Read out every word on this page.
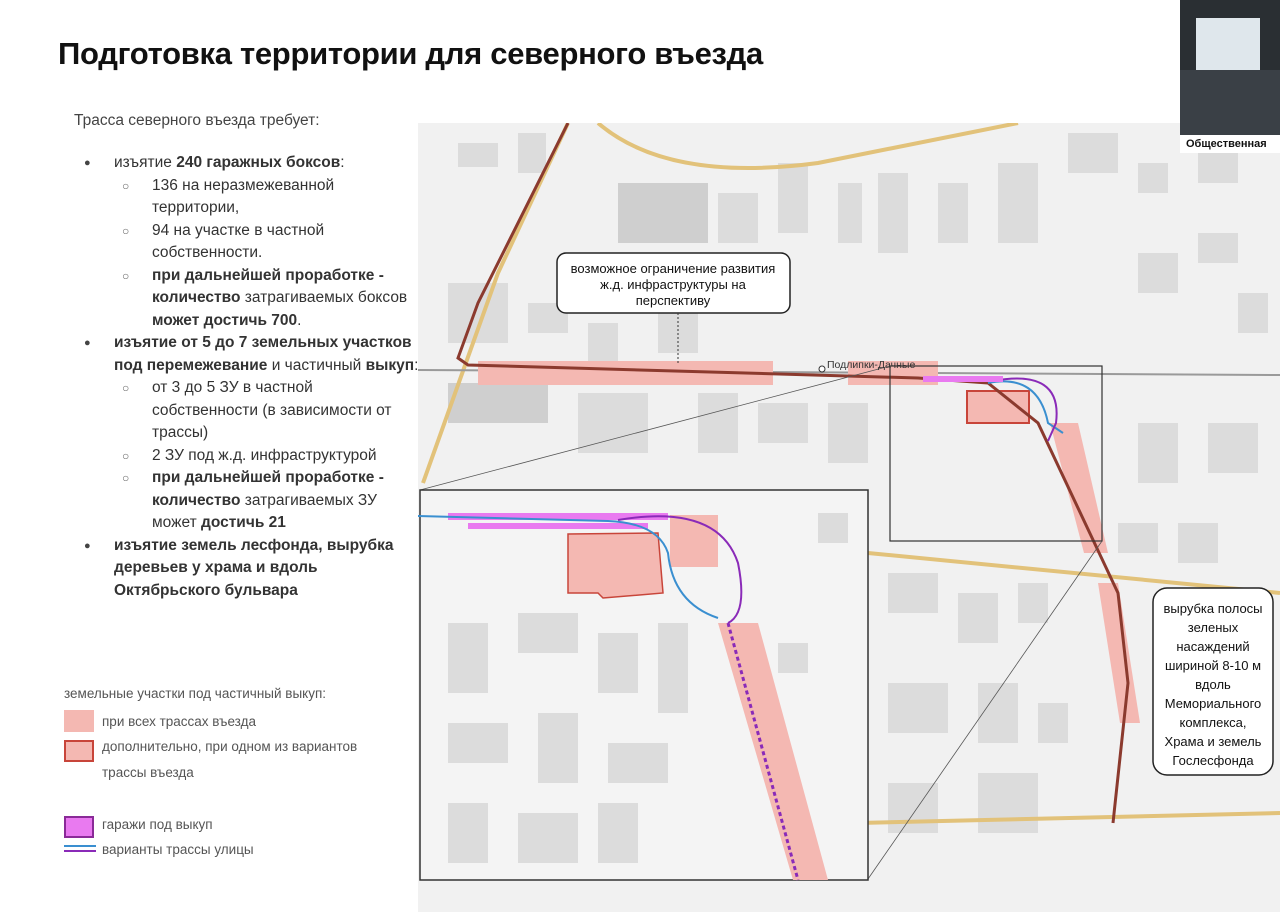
Подготовка территории для северного въезда
Трасса северного въезда требует:
● изъятие 240 гаражных боксов:
○ 136 на неразмежеванной территории,
○ 94 на участке в частной собственности.
○ при дальнейшей проработке - количество затрагиваемых боксов может достичь 700.
● изъятие от 5 до 7 земельных участков под перемежевание и частичный выкуп:
○ от 3 до 5 ЗУ в частной собственности (в зависимости от трассы)
○ 2 ЗУ под ж.д. инфраструктурой
○ при дальнейшей проработке - количество затрагиваемых ЗУ может достичь 21
● изъятие земель лесфонда, вырубка деревьев у храма и вдоль Октябрьского бульвара
земельные участки под частичный выкуп:
при всех трассах въезда
дополнительно, при одном из вариантов
трассы въезда
гаражи под выкуп
варианты трассы улицы
Подлипки-Дачные
возможное ограничение развития
ж.д. инфраструктуры на
перспективу
вырубка полосы
зеленых
насаждений
шириной 8-10 м
вдоль
Мемориального
комплекса,
Храма и земель
Гослесфонда
Общественная
